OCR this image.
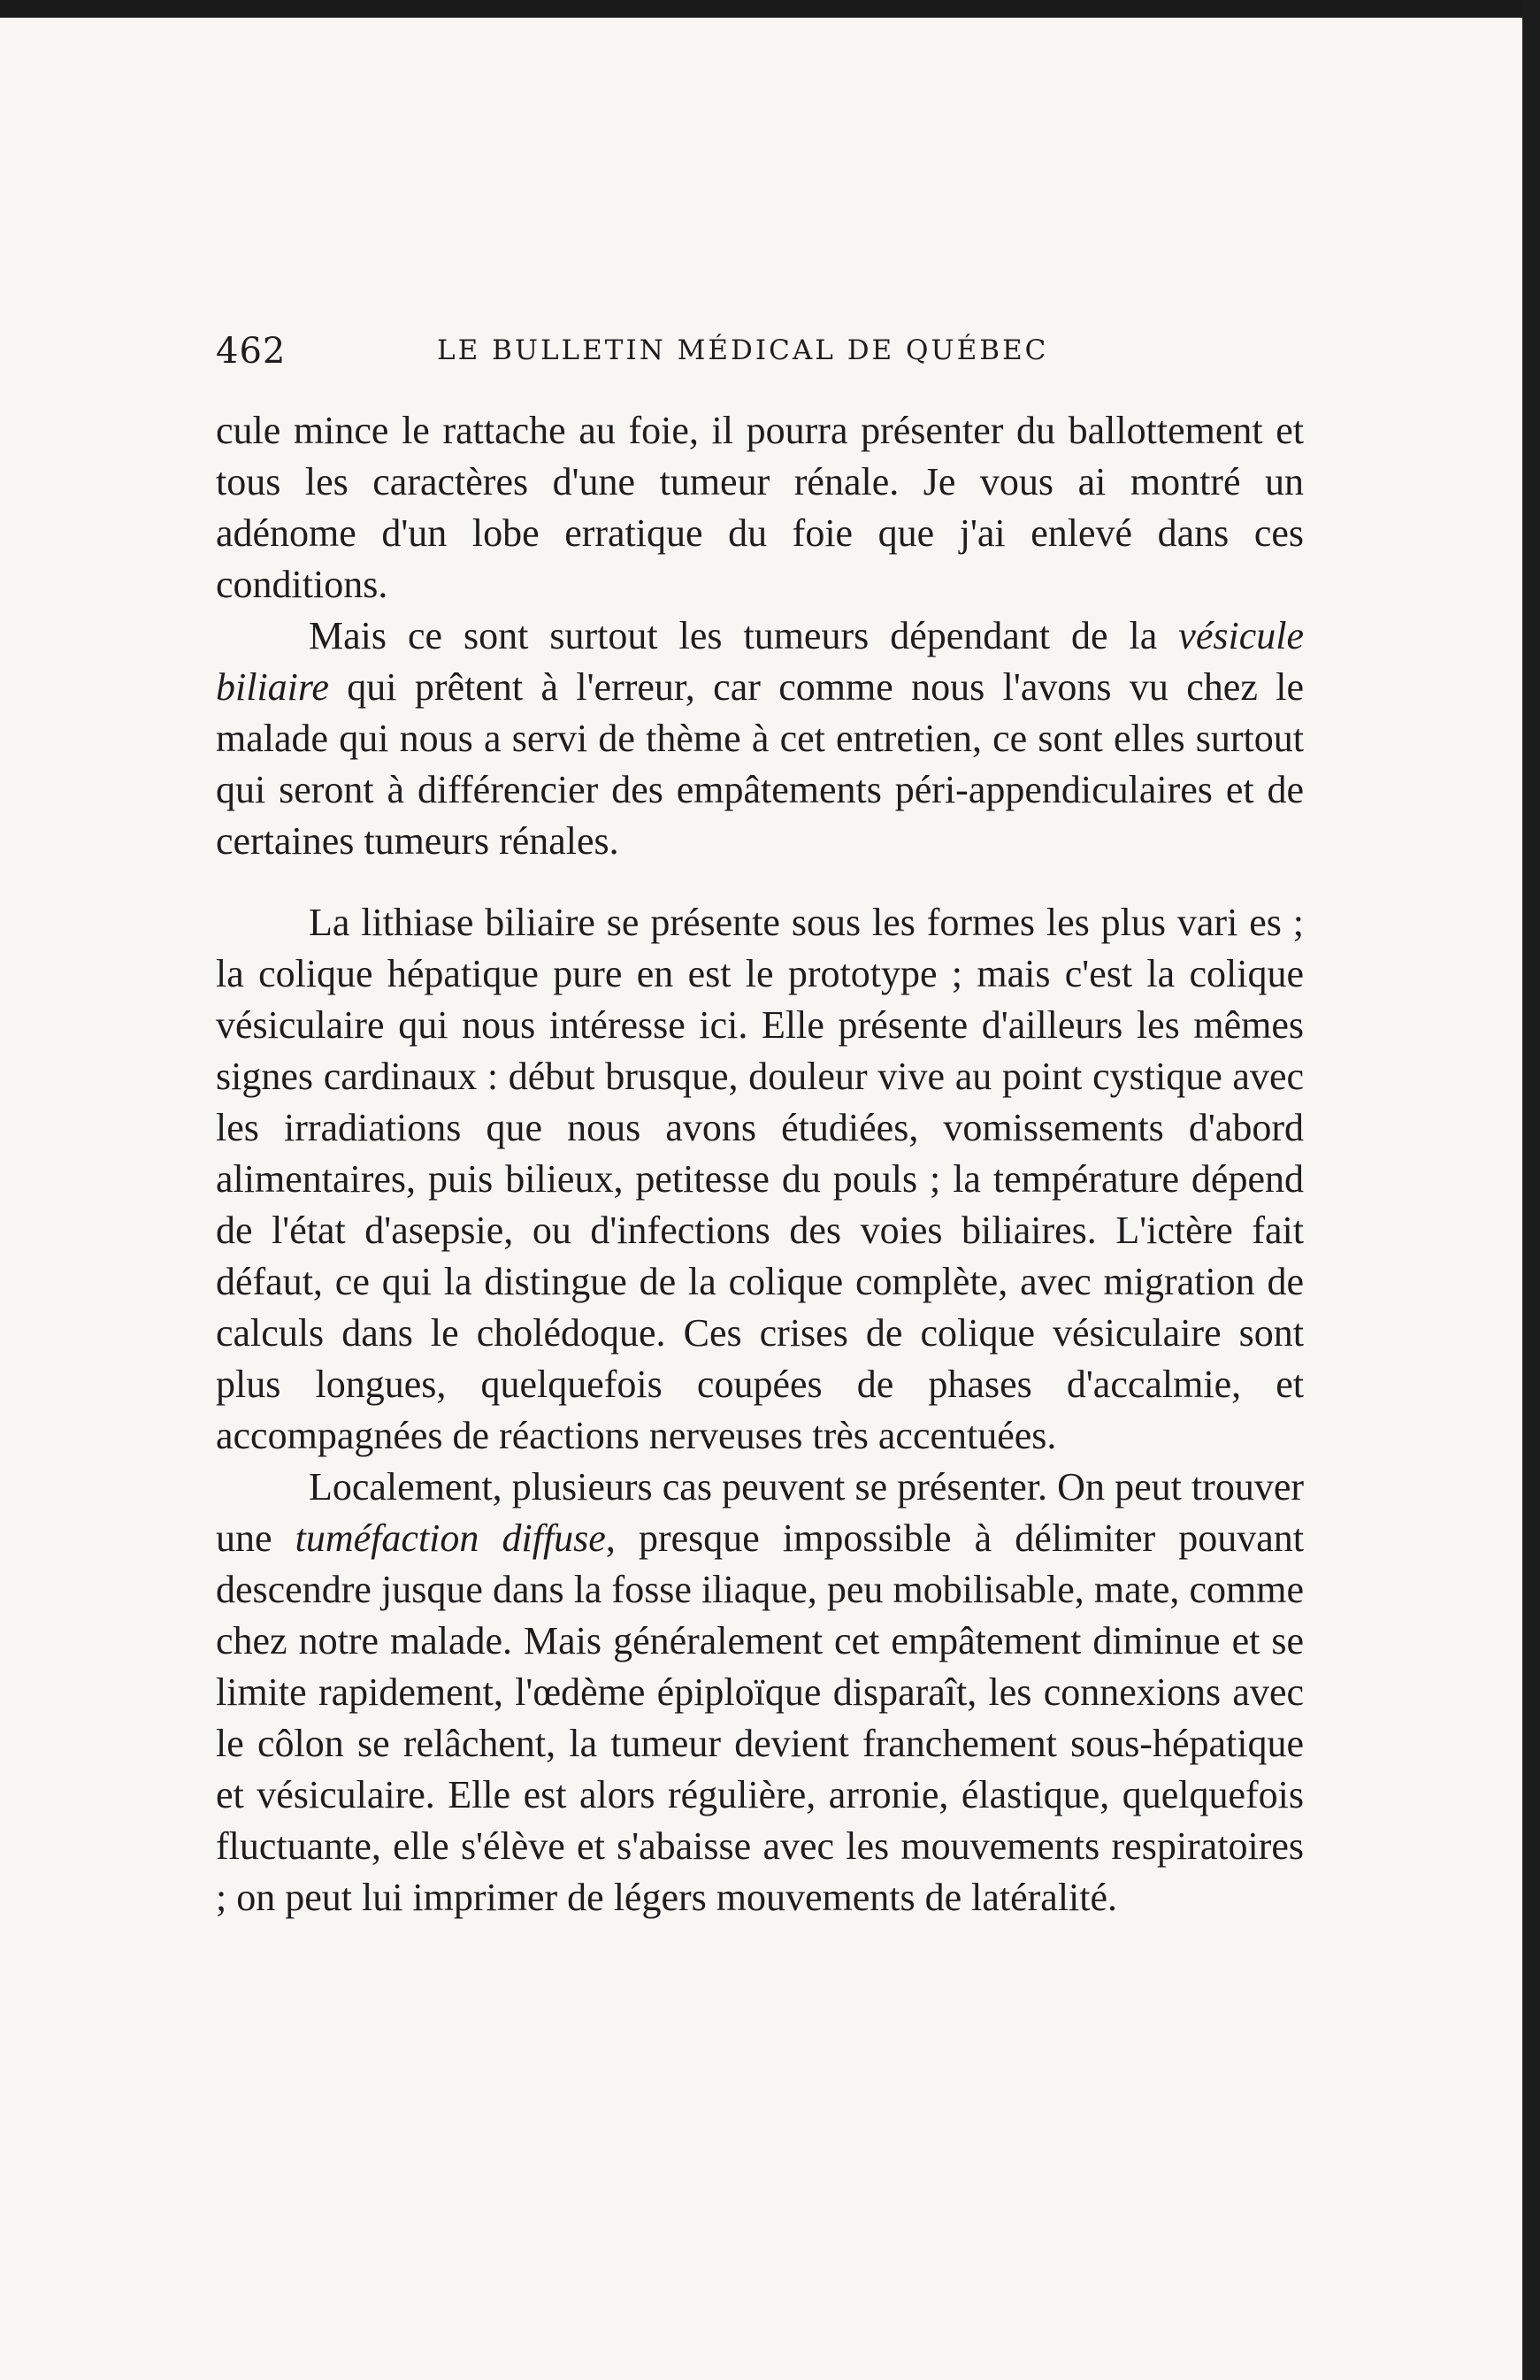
462	LE BULLETIN MÉDICAL DE QUÉBEC

cule mince le rattache au foie, il pourra présenter du ballottement et tous les caractères d'une tumeur rénale. Je vous ai montré un adénome d'un lobe erratique du foie que j'ai enlevé dans ces conditions.

Mais ce sont surtout les tumeurs dépendant de la vésicule biliaire qui prêtent à l'erreur, car comme nous l'avons vu chez le malade qui nous a servi de thème à cet entretien, ce sont elles surtout qui seront à différencier des empâtements péri-appendiculaires et de certaines tumeurs rénales.

La lithiase biliaire se présente sous les formes les plus vari es ; la colique hépatique pure en est le prototype ; mais c'est la colique vésiculaire qui nous intéresse ici. Elle présente d'ailleurs les mêmes signes cardinaux : début brusque, douleur vive au point cystique avec les irradiations que nous avons étudiées, vomissements d'abord alimentaires, puis bilieux, petitesse du pouls ; la température dépend de l'état d'asepsie, ou d'infections des voies biliaires. L'ictère fait défaut, ce qui la distingue de la colique complète, avec migration de calculs dans le cholédoque. Ces crises de colique vésiculaire sont plus longues, quelquefois coupées de phases d'accalmie, et accompagnées de réactions nerveuses très accentuées.

Localement, plusieurs cas peuvent se présenter. On peut trouver une tuméfaction diffuse, presque impossible à délimiter pouvant descendre jusque dans la fosse iliaque, peu mobilisable, mate, comme chez notre malade. Mais généralement cet empâtement diminue et se limite rapidement, l'œdème épiploïque disparaît, les connexions avec le côlon se relâchent, la tumeur devient franchement sous-hépatique et vésiculaire. Elle est alors régulière, arronie, élastique, quelquefois fluctuante, elle s'élève et s'abaisse avec les mouvements respiratoires ; on peut lui imprimer de légers mouvements de latéralité.
